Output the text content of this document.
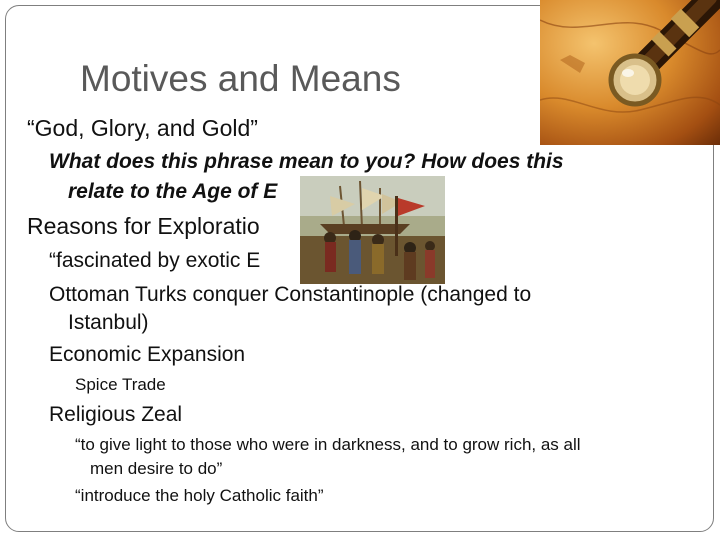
Motives and Means
“God, Glory, and Gold”
What does this phrase mean to you? How does this
relate to the Age of E
Reasons for Exploratio
“fascinated by exotic E
Ottoman Turks conquer Constantinople (changed to
Istanbul)
Economic Expansion
Spice Trade
Religious Zeal
“to give light to those who were in darkness, and to grow rich, as all
men desire to do”
“introduce the holy Catholic faith”
